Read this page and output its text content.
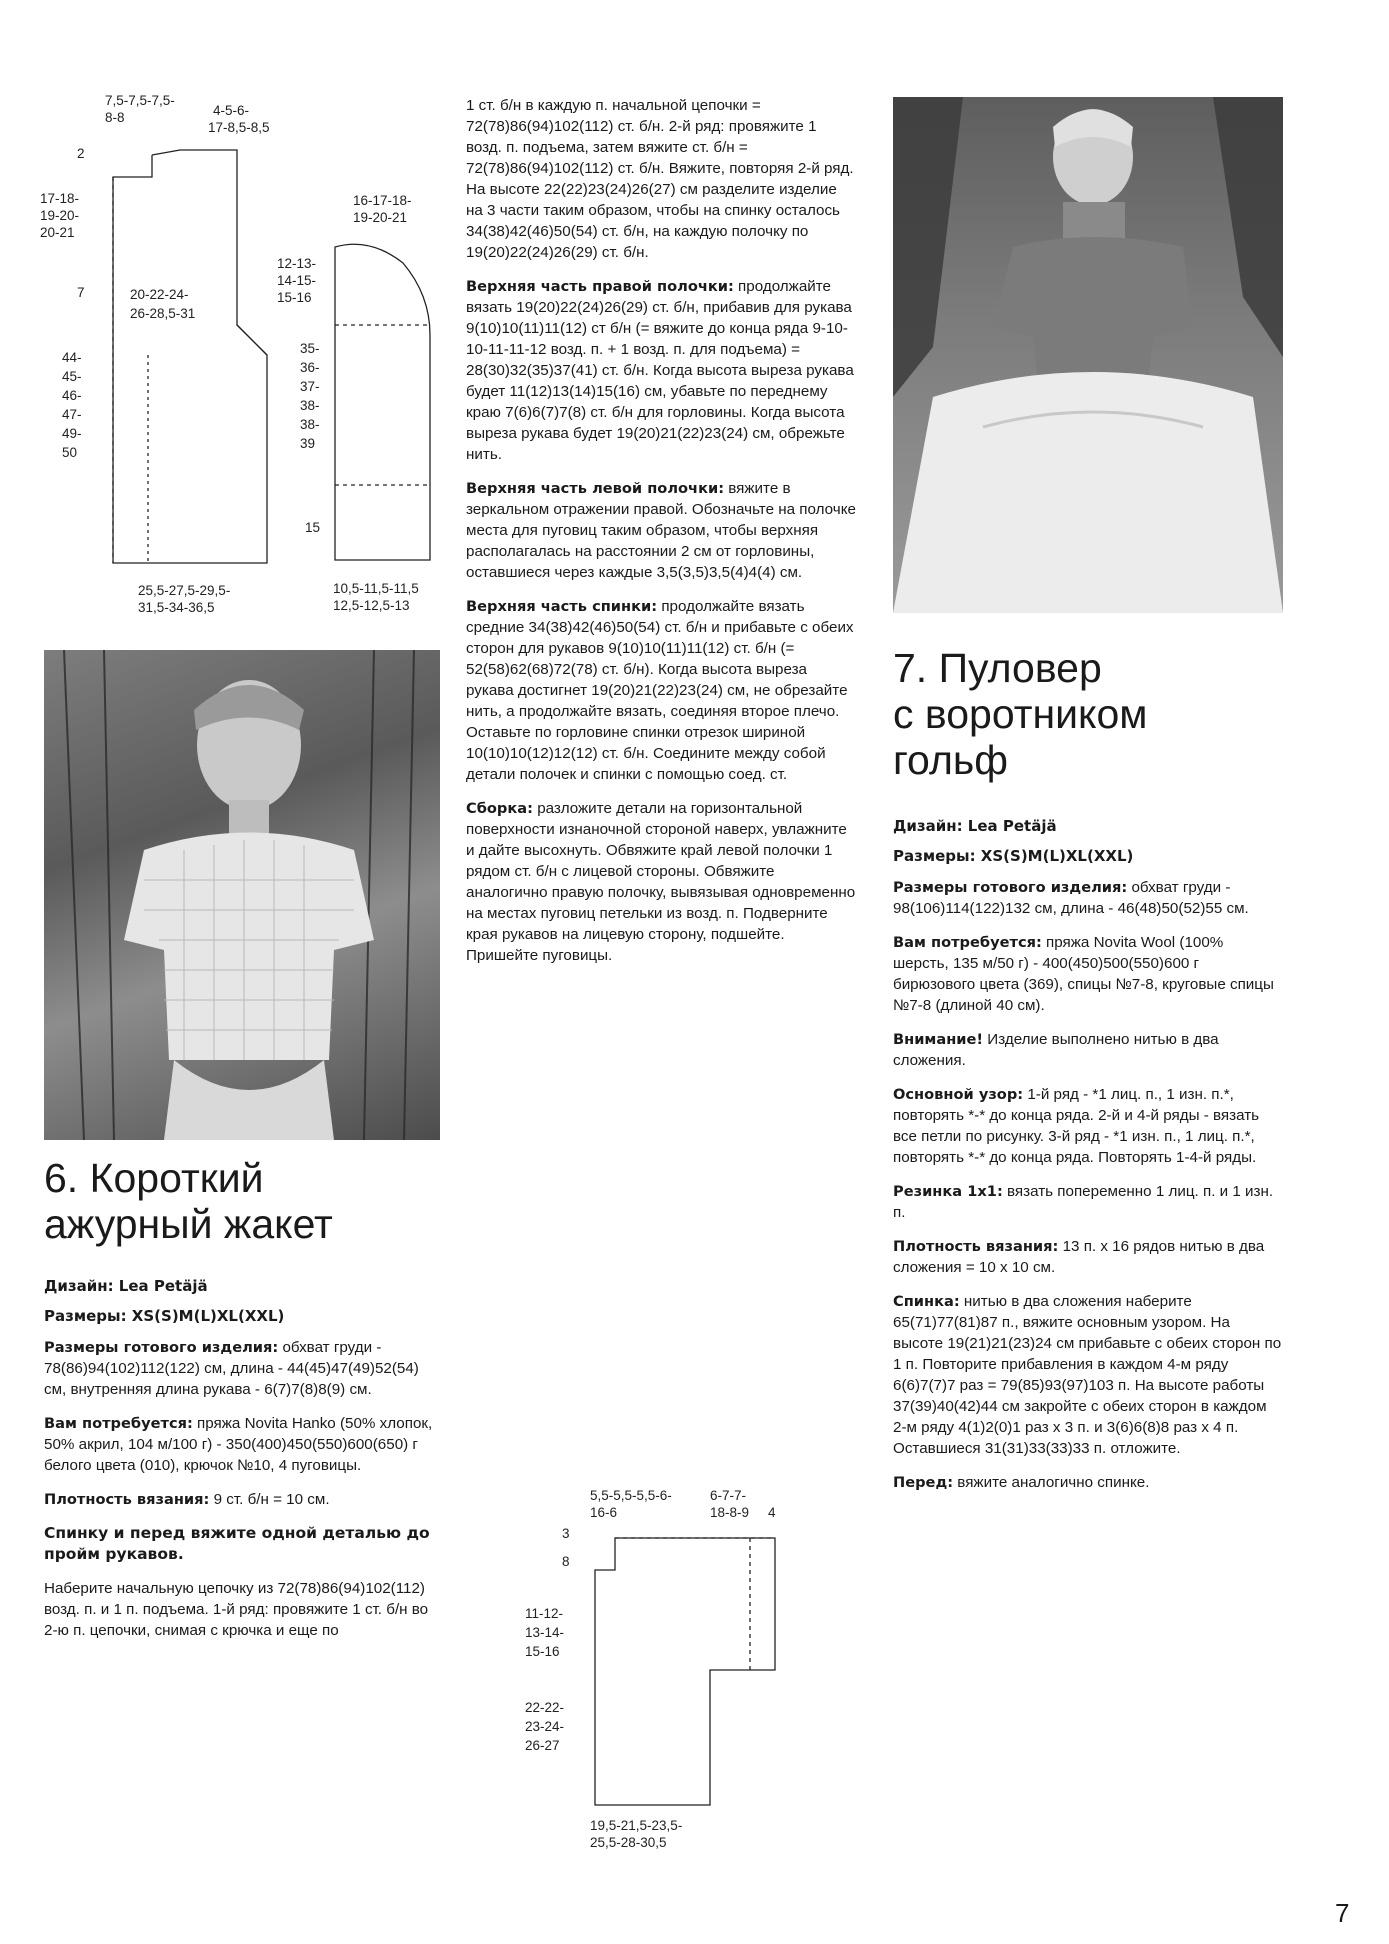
7,5-7,5-7,5-
8-8	4-5-6-
17-8,5-8,5
2
17-18-
19-20-
20-21
7	20-22-24-
26-28,5-31
44-
45-
46-
47-
49-
50
25,5-27,5-29,5-
31,5-34-36,5
16-17-18-
19-20-21
12-13-
14-15-
15-16
35-
36-
37-
38-
38-
39
15
10,5-11,5-11,5
12,5-12,5-13
6. Короткий
ажурный жакет

Дизайн: Lea Petäjä

Размеры: XS(S)M(L)XL(XXL)

Размеры готового изделия: обхват груди - 78(86)94(102)112(122) см, длина - 44(45)47(49)52(54) см, внутренняя длина рукава - 6(7)7(8)8(9) см.

Вам потребуется: пряжа Novita Hanko (50% хлопок, 50% акрил, 104 м/100 г) - 350(400)450(550)600(650) г белого цвета (010), крючок №10, 4 пуговицы.

Плотность вязания: 9 ст. б/н = 10 см.

Спинку и перед вяжите одной деталью до пройм рукавов.

Наберите начальную цепочку из 72(78)86(94)102(112) возд. п. и 1 п. подъема. 1-й ряд: провяжите 1 ст. б/н во 2-ю п. цепочки, снимая с крючка и еще по

1 ст. б/н в каждую п. начальной цепочки = 72(78)86(94)102(112) ст. б/н. 2-й ряд: провяжите 1 возд. п. подъема, затем вяжите ст. б/н = 72(78)86(94)102(112) ст. б/н. Вяжите, повторяя 2-й ряд. На высоте 22(22)23(24)26(27) см разделите изделие на 3 части таким образом, чтобы на спинку осталось 34(38)42(46)50(54) ст. б/н, на каждую полочку по 19(20)22(24)26(29) ст. б/н.

Верхняя часть правой полочки: продолжайте вязать 19(20)22(24)26(29) ст. б/н, прибавив для рукава 9(10)10(11)11(12) ст б/н (= вяжите до конца ряда 9-10-10-11-11-12 возд. п. + 1 возд. п. для подъема) = 28(30)32(35)37(41) ст. б/н. Когда высота выреза рукава будет 11(12)13(14)15(16) см, убавьте по переднему краю 7(6)6(7)7(8) ст. б/н для горловины. Когда высота выреза рукава будет 19(20)21(22)23(24) см, обрежьте нить.

Верхняя часть левой полочки: вяжите в зеркальном отражении правой. Обозначьте на полочке места для пуговиц таким образом, чтобы верхняя располагалась на расстоянии 2 см от горловины, оставшиеся через каждые 3,5(3,5)3,5(4)4(4) см.

Верхняя часть спинки: продолжайте вязать средние 34(38)42(46)50(54) ст. б/н и прибавьте с обеих сторон для рукавов 9(10)10(11)11(12) ст. б/н (= 52(58)62(68)72(78) ст. б/н). Когда высота выреза рукава достигнет 19(20)21(22)23(24) см, не обрезайте нить, а продолжайте вязать, соединяя второе плечо. Оставьте по горловине спинки отрезок шириной 10(10)10(12)12(12) ст. б/н. Соедините между собой детали полочек и спинки с помощью соед. ст.

Сборка: разложите детали на горизонтальной поверхности изнаночной стороной наверх, увлажните и дайте высохнуть. Обвяжите край левой полочки 1 рядом ст. б/н с лицевой стороны. Обвяжите аналогично правую полочку, вывязывая одновременно на местах пуговиц петельки из возд. п. Подверните края рукавов на лицевую сторону, подшейте. Пришейте пуговицы.

5,5-5,5-5,5-6-
16-6
6-7-7-
18-8-9 4
3
8
11-12-
13-14-
15-16
22-22-
23-24-
26-27
19,5-21,5-23,5-
25,5-28-30,5
7. Пуловер
с воротником
гольф

Дизайн: Lea Petäjä

Размеры: XS(S)M(L)XL(XXL)

Размеры готового изделия: обхват груди - 98(106)114(122)132 см, длина - 46(48)50(52)55 см.

Вам потребуется: пряжа Novita Wool (100% шерсть, 135 м/50 г) - 400(450)500(550)600 г бирюзового цвета (369), спицы №7-8, круговые спицы №7-8 (длиной 40 см).

Внимание! Изделие выполнено нитью в два сложения.

Основной узор: 1-й ряд - *1 лиц. п., 1 изн. п.*, повторять *-* до конца ряда. 2-й и 4-й ряды - вязать все петли по рисунку. 3-й ряд - *1 изн. п., 1 лиц. п.*, повторять *-* до конца ряда. Повторять 1-4-й ряды.

Резинка 1х1: вязать попеременно 1 лиц. п. и 1 изн. п.

Плотность вязания: 13 п. х 16 рядов нитью в два сложения = 10 х 10 см.

Спинка: нитью в два сложения наберите 65(71)77(81)87 п., вяжите основным узором. На высоте 19(21)21(23)24 см прибавьте с обеих сторон по 1 п. Повторите прибавления в каждом 4-м ряду 6(6)7(7)7 раз = 79(85)93(97)103 п. На высоте работы 37(39)40(42)44 см закройте с обеих сторон в каждом 2-м ряду 4(1)2(0)1 раз х 3 п. и 3(6)6(8)8 раз х 4 п. Оставшиеся 31(31)33(33)33 п. отложите.

Перед: вяжите аналогично спинке.

7
